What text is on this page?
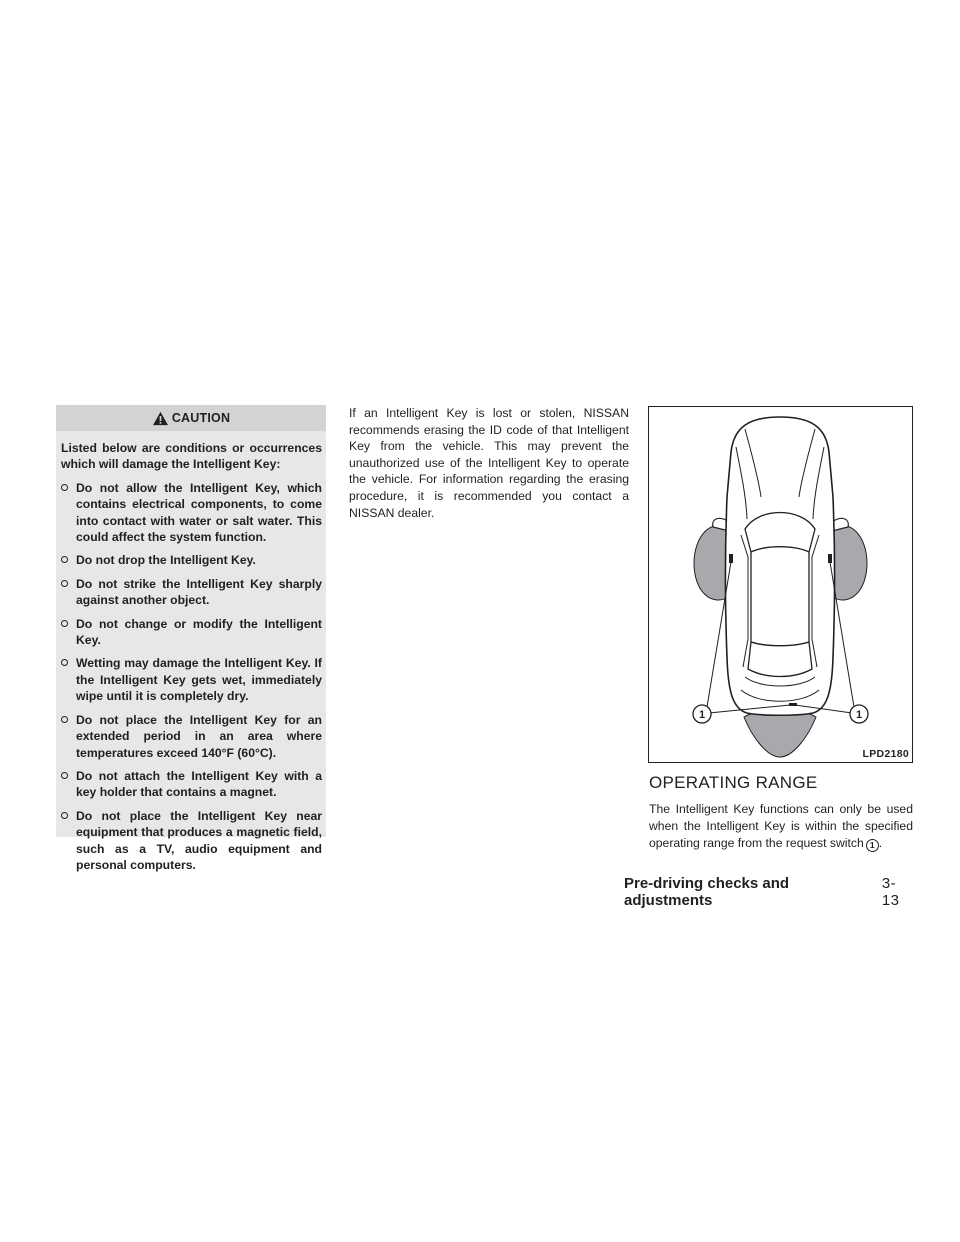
CAUTION

Listed below are conditions or occurrences which will damage the Intelligent Key:

Do not allow the Intelligent Key, which contains electrical components, to come into contact with water or salt water. This could affect the system function.
Do not drop the Intelligent Key.
Do not strike the Intelligent Key sharply against another object.
Do not change or modify the Intelligent Key.
Wetting may damage the Intelligent Key. If the Intelligent Key gets wet, immediately wipe until it is completely dry.
Do not place the Intelligent Key for an extended period in an area where temperatures exceed 140°F (60°C).
Do not attach the Intelligent Key with a key holder that contains a magnet.
Do not place the Intelligent Key near equipment that produces a magnetic field, such as a TV, audio equipment and personal computers.

If an Intelligent Key is lost or stolen, NISSAN recommends erasing the ID code of that Intelligent Key from the vehicle. This may prevent the unauthorized use of the Intelligent Key to operate the vehicle. For information regarding the erasing procedure, it is recommended you contact a NISSAN dealer.

1	1
LPD2180
OPERATING RANGE

The Intelligent Key functions can only be used when the Intelligent Key is within the specified operating range from the request switch 1 .

Pre-driving checks and adjustments
3-13
